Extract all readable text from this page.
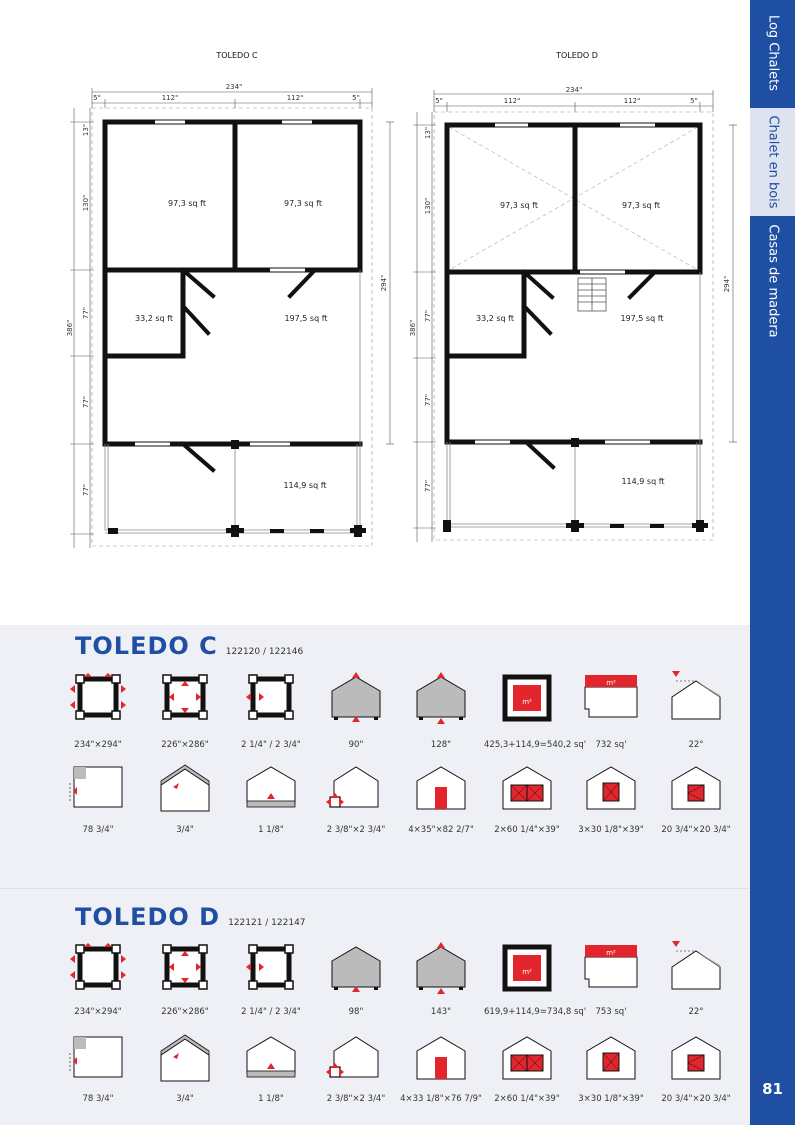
Log Chalets
Chalet en bois
Casas de madera
81
TOLEDO C
234"
5"	112"	112"	5"
386"
13"
130"
77"
77"
77"
294"
97,3 sq ft	97,3 sq ft
33,2 sq ft	197,5 sq ft
114,9 sq ft
TOLEDO D
234"
5"	112"	112"	5"
386"
13"
130"
77"
77"
77"
294"
97,3 sq ft	97,3 sq ft
33,2 sq ft	197,5 sq ft
114,9 sq ft
TOLEDO C 122120 / 122146
TOLEDO D 122121 / 122147
m²
m²
m²
m²
234"×294"	226"×286"	2 1/4" / 2 3/4"	90"	128"	425,3+114,9=540,2 sq'	732 sq'	22°
78 3/4"	3/4"	1 1/8"	2 3/8"×2 3/4"	4×35"×82 2/7"	2×60 1/4"×39"	3×30 1/8"×39"	20 3/4"×20 3/4"
234"×294"	226"×286"	2 1/4" / 2 3/4"	98"	143"	619,9+114,9=734,8 sq'	753 sq'	22°
78 3/4"	3/4"	1 1/8"	2 3/8"×2 3/4"	4×33 1/8"×76 7/9"	2×60 1/4"×39"	3×30 1/8"×39"	20 3/4"×20 3/4"
